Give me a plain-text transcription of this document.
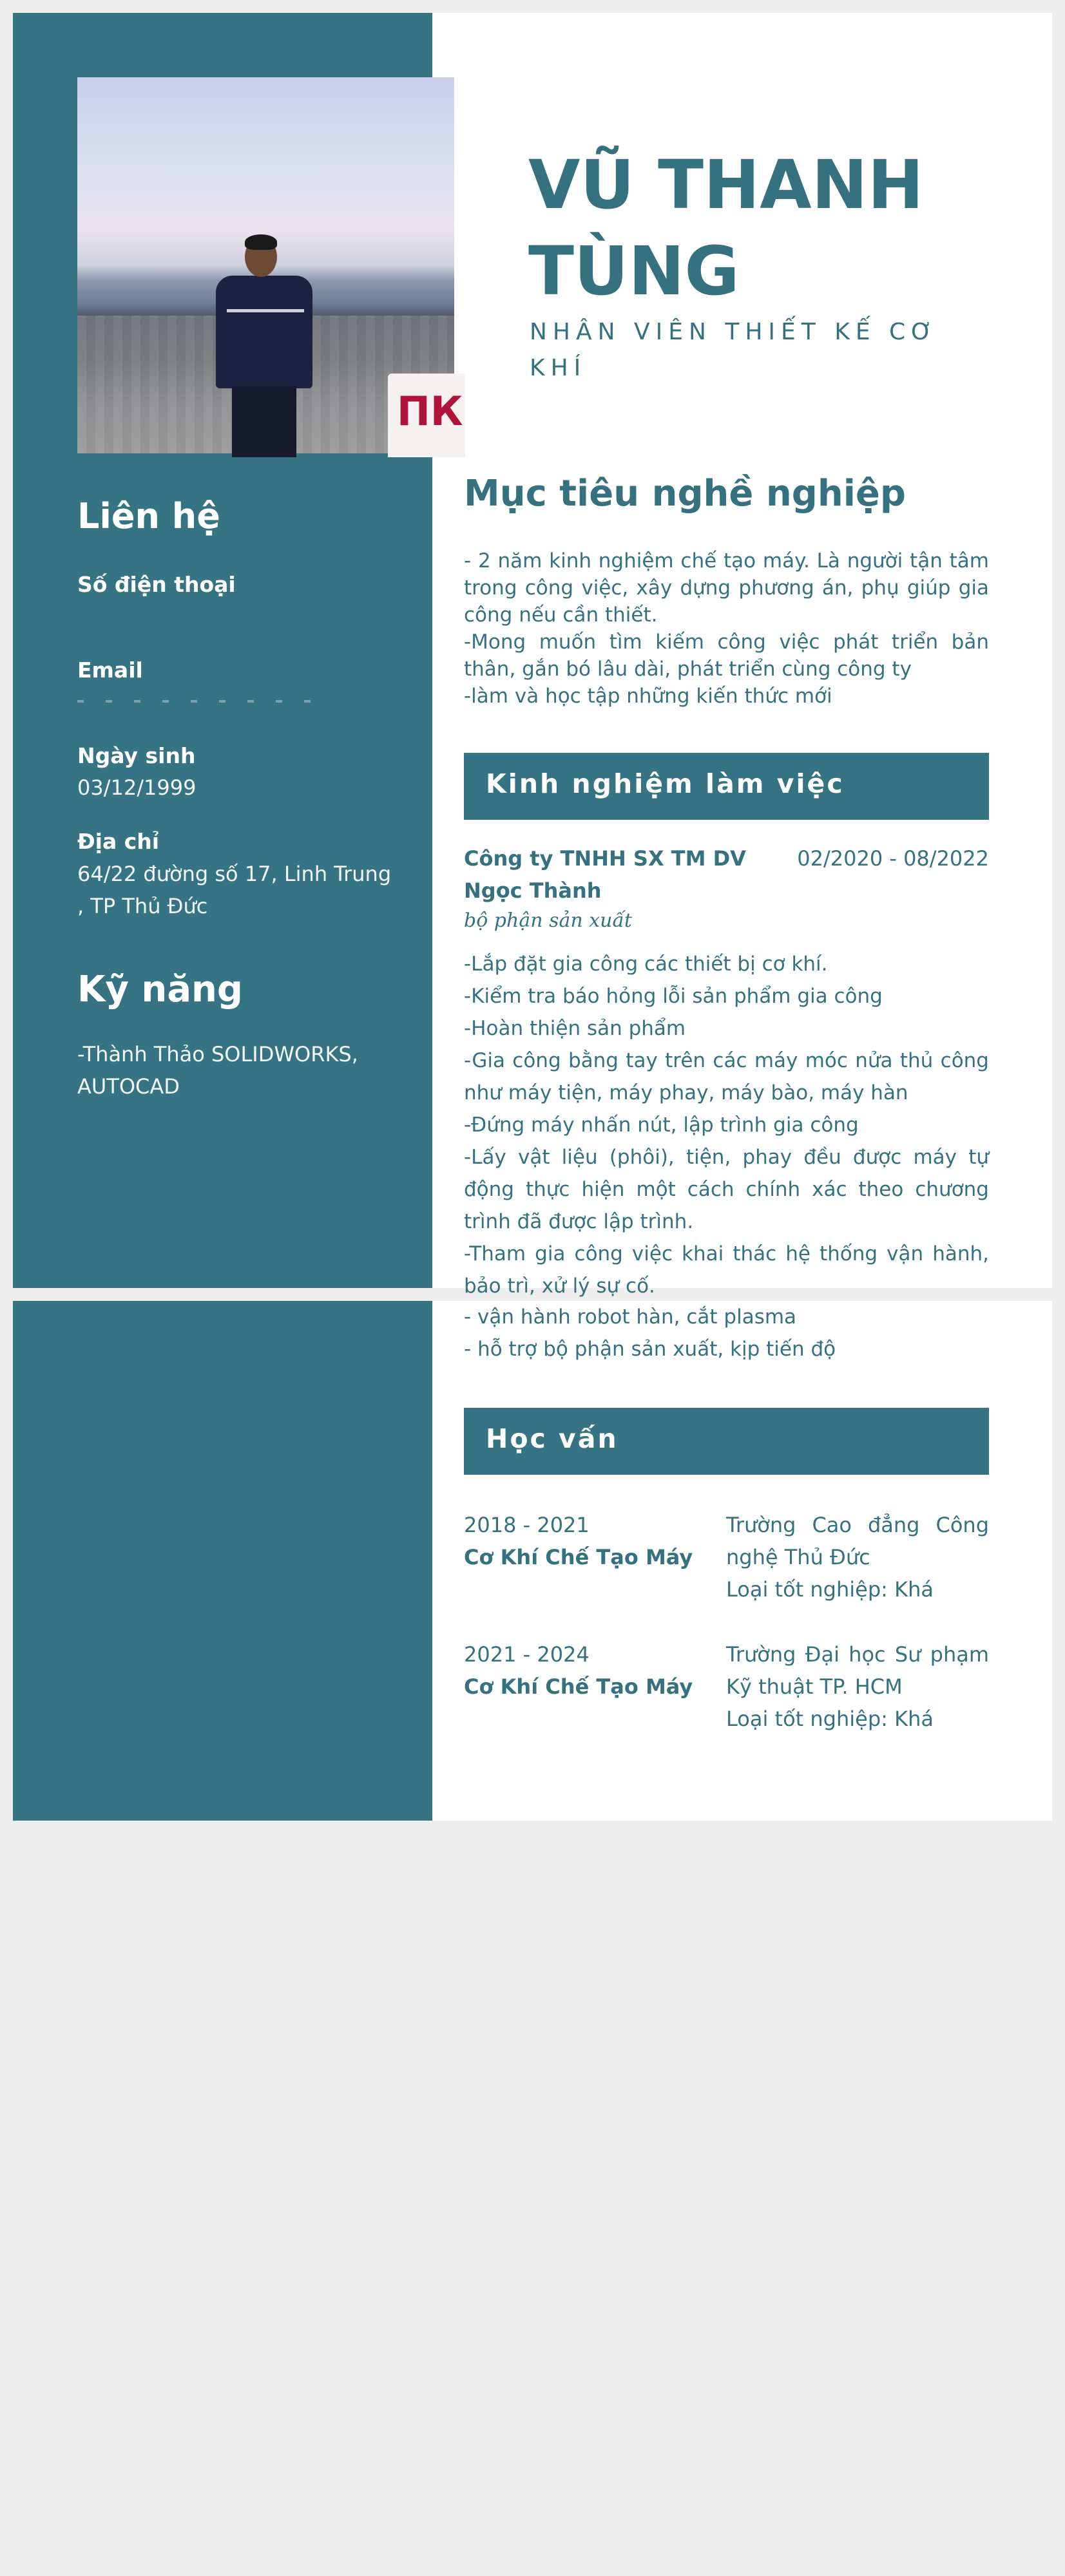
ПК
VŨ THANH TÙNG
NHÂN VIÊN THIẾT KẾ CƠ KHÍ
Liên hệ
Số điện thoại
Email
Ngày sinh
03/12/1999
Địa chỉ
64/22 đường số 17, Linh Trung , TP Thủ Đức
Kỹ năng
-Thành Thảo SOLIDWORKS, AUTOCAD
Mục tiêu nghề nghiệp
- 2 năm kinh nghiệm chế tạo máy. Là người tận tâm trong công việc, xây dựng phương án, phụ giúp gia công nếu cần thiết.
-Mong muốn tìm kiếm công việc phát triển bản thân, gắn bó lâu dài, phát triển cùng công ty
-làm và học tập những kiến thức mới
Kinh nghiệm làm việc
Công ty TNHH SX TM DV Ngọc Thành
02/2020 - 08/2022
bộ phận sản xuất
-Lắp đặt gia công các thiết bị cơ khí.
-Kiểm tra báo hỏng lỗi sản phẩm gia công
-Hoàn thiện sản phẩm
-Gia công bằng tay trên các máy móc nửa thủ công như máy tiện, máy phay, máy bào, máy hàn
-Đứng máy nhấn nút, lập trình gia công
-Lấy vật liệu (phôi), tiện, phay đều được máy tự động thực hiện một cách chính xác theo chương trình đã được lập trình.
-Tham gia công việc khai thác hệ thống vận hành, bảo trì, xử lý sự cố.
- vận hành robot hàn, cắt plasma
- hỗ trợ bộ phận sản xuất, kịp tiến độ
Học vấn
2018 - 2021
Cơ Khí Chế Tạo Máy
Trường Cao đẳng Công nghệ Thủ Đức
Loại tốt nghiệp: Khá
2021 - 2024
Cơ Khí Chế Tạo Máy
Trường Đại học Sư phạm Kỹ thuật TP. HCM
Loại tốt nghiệp: Khá
